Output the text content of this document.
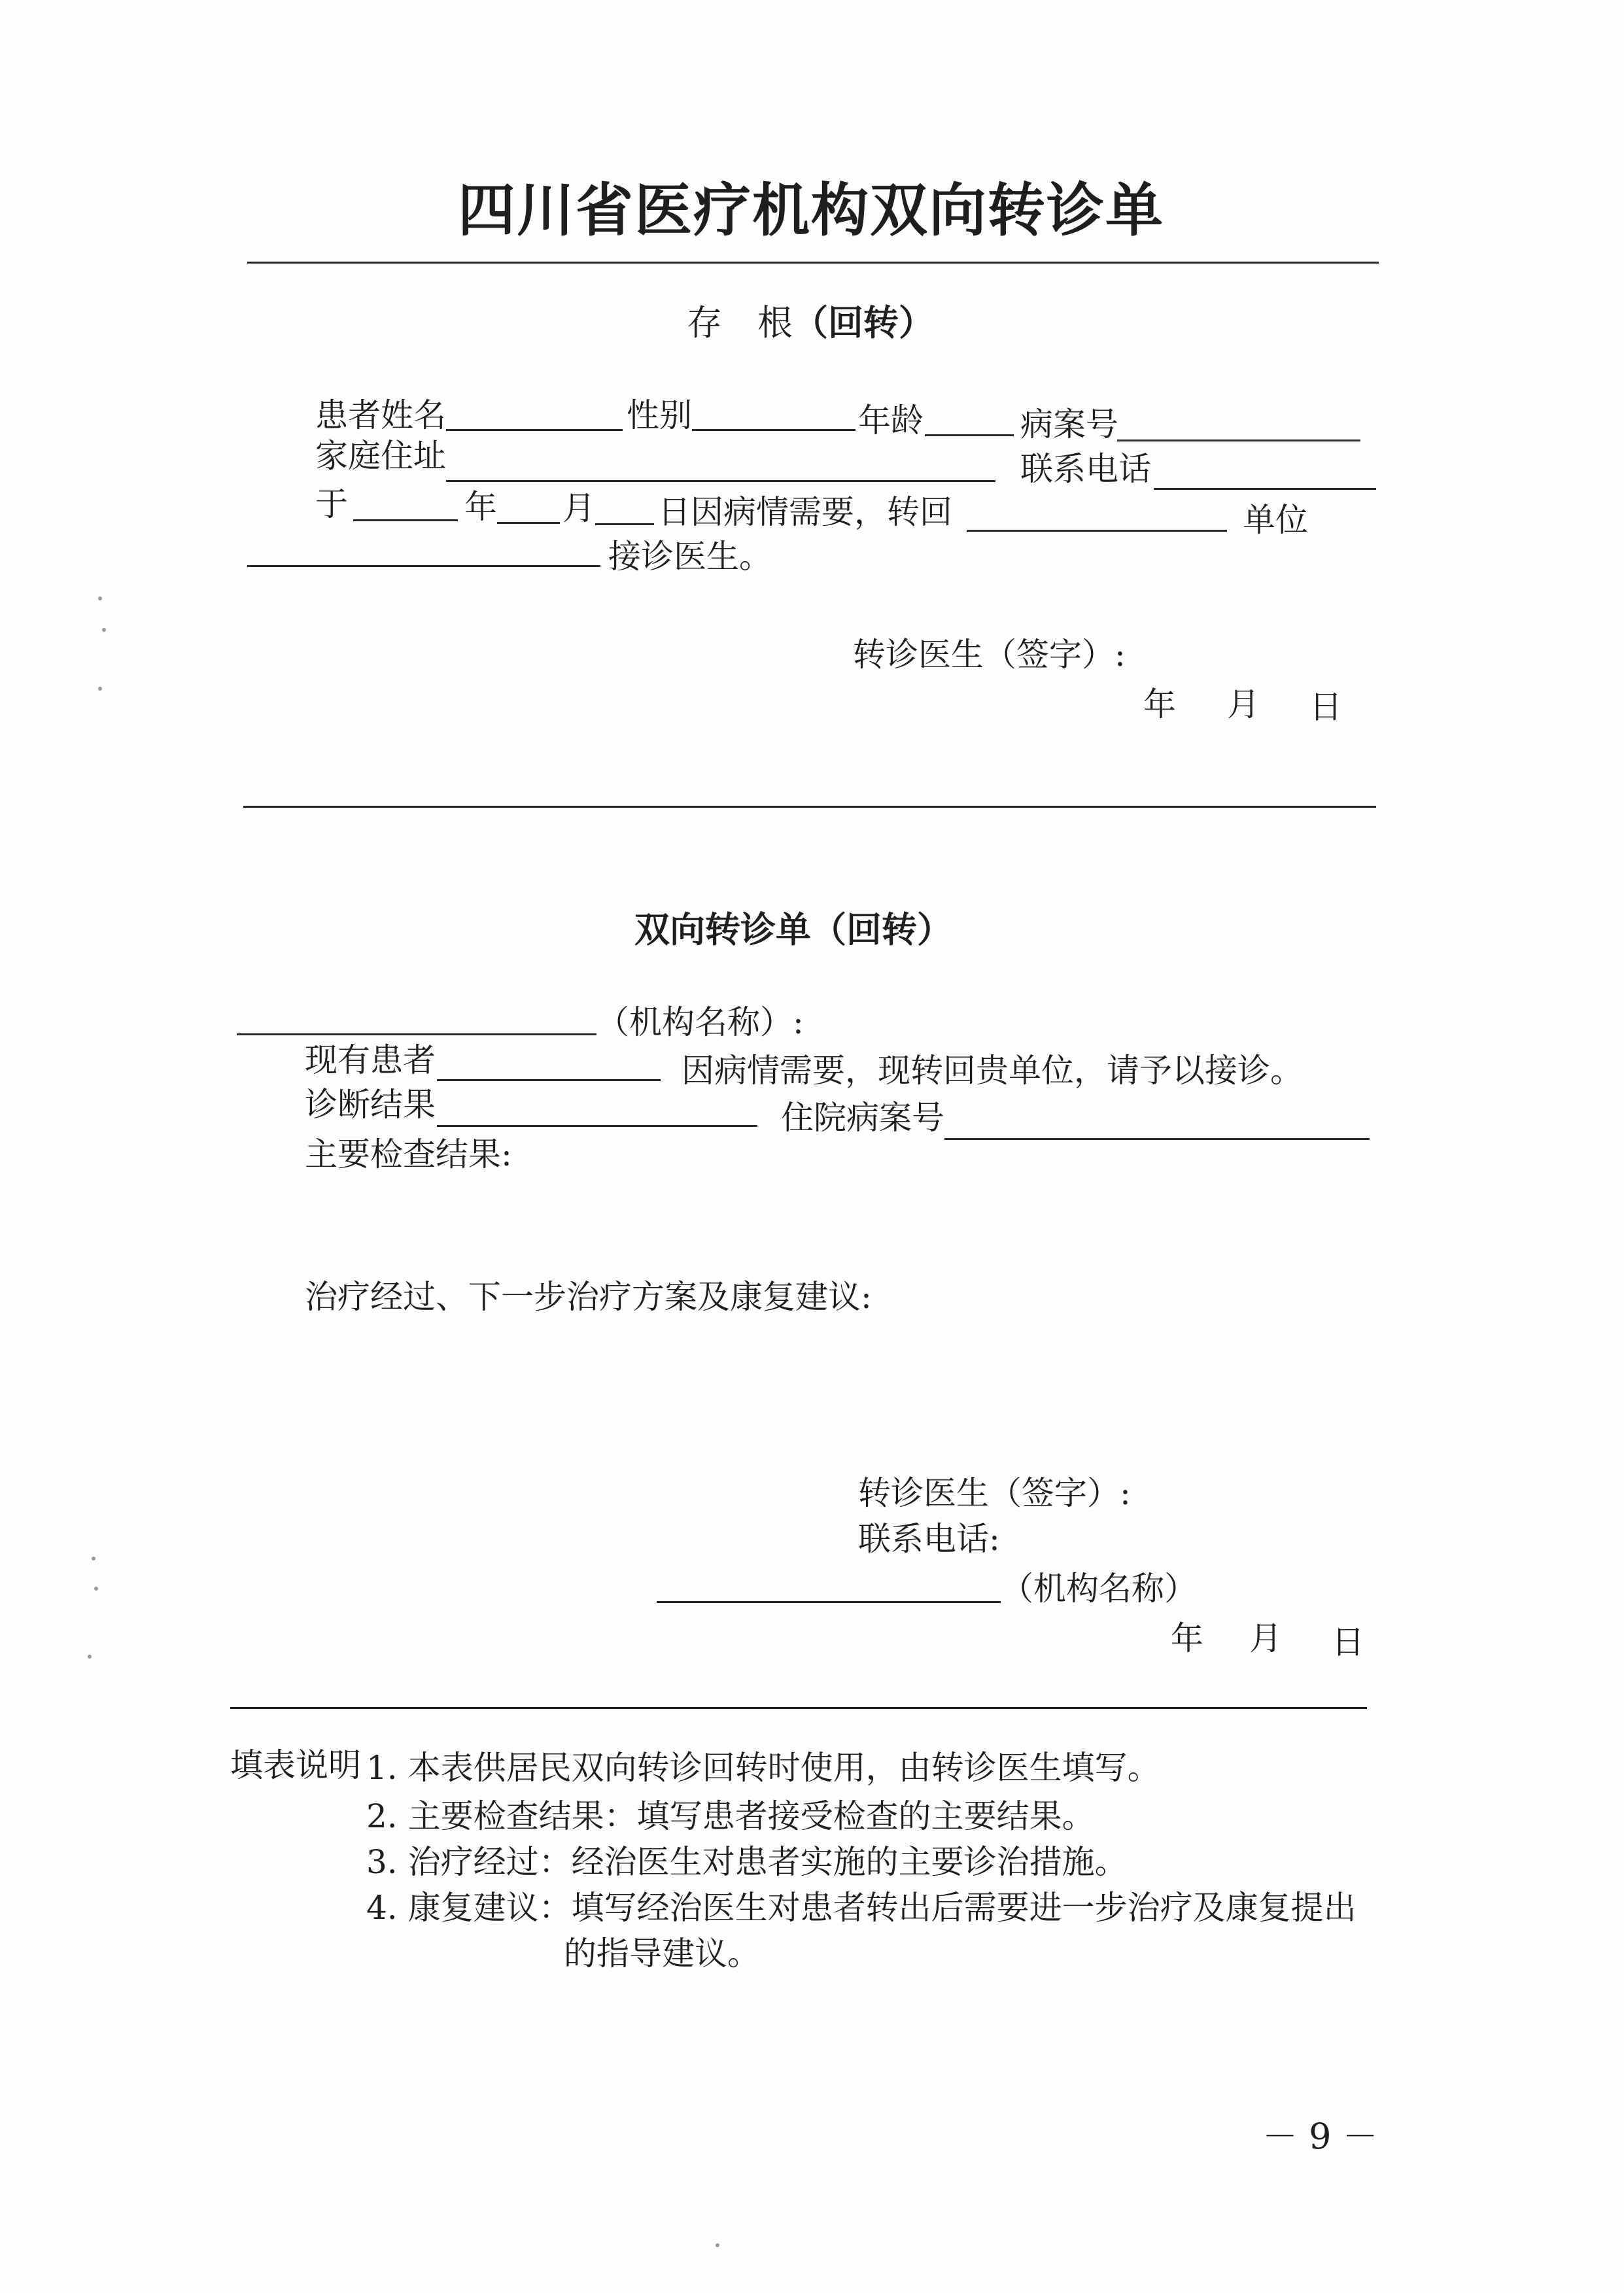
四川省医疗机构双向转诊单
存　根（回转）
患者姓名	性别	年龄	病案号
家庭住址	联系电话
于	年 月 日因病情需要，转回	单位
接诊医生。
转诊医生（签字）:
年 月 日
双向转诊单（回转）
（机构名称）:
现有患者	因病情需要，现转回贵单位，请予以接诊。
诊断结果	住院病案号
主要检查结果:
治疗经过、下一步治疗方案及康复建议:
转诊医生（签字）:
联系电话:
（机构名称）
年 月 日
填表说明 1. 本表供居民双向转诊回转时使用，由转诊医生填写。
2. 主要检查结果：填写患者接受检查的主要结果。
3. 治疗经过：经治医生对患者实施的主要诊治措施。
4. 康复建议：填写经治医生对患者转出后需要进一步治疗及康复提出
的指导建议。
－ 9 －
